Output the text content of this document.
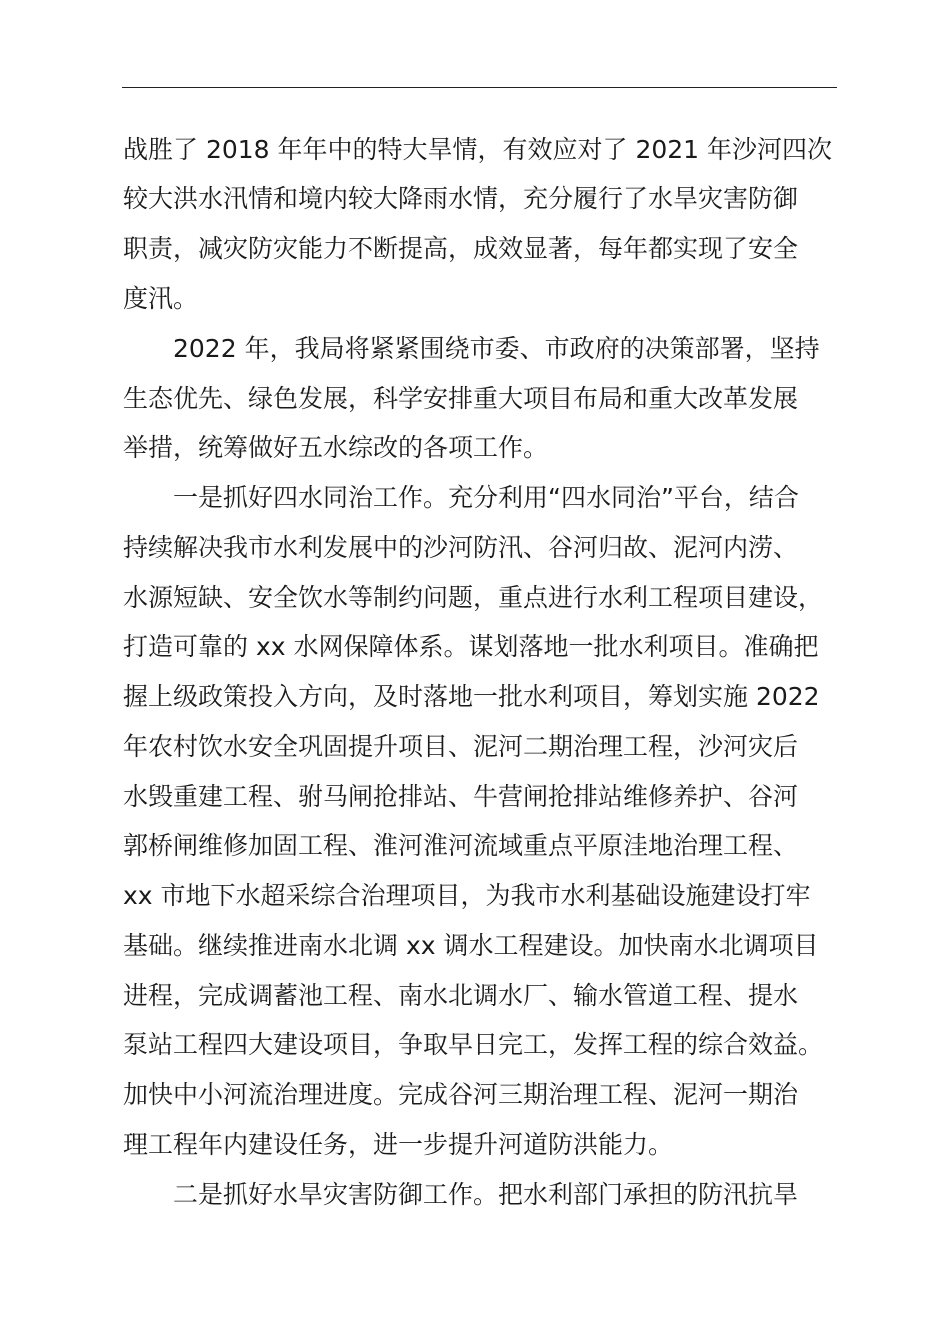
战胜了 2018 年年中的特大旱情，有效应对了 2021 年沙河四次
较大洪水汛情和境内较大降雨水情，充分履行了水旱灾害防御
职责，减灾防灾能力不断提高，成效显著，每年都实现了安全
度汛。
2022 年，我局将紧紧围绕市委、市政府的决策部署，坚持
生态优先、绿色发展，科学安排重大项目布局和重大改革发展
举措，统筹做好五水综改的各项工作。
一是抓好四水同治工作。充分利用“四水同治”平台，结合
持续解决我市水利发展中的沙河防汛、谷河归故、泥河内涝、
水源短缺、安全饮水等制约问题，重点进行水利工程项目建设，
打造可靠的 xx 水网保障体系。谋划落地一批水利项目。准确把
握上级政策投入方向，及时落地一批水利项目，筹划实施 2022
年农村饮水安全巩固提升项目、泥河二期治理工程，沙河灾后
水毁重建工程、驸马闸抢排站、牛营闸抢排站维修养护、谷河
郭桥闸维修加固工程、淮河淮河流域重点平原洼地治理工程、
xx 市地下水超采综合治理项目，为我市水利基础设施建设打牢
基础。继续推进南水北调 xx 调水工程建设。加快南水北调项目
进程，完成调蓄池工程、南水北调水厂、输水管道工程、提水
泵站工程四大建设项目，争取早日完工，发挥工程的综合效益。
加快中小河流治理进度。完成谷河三期治理工程、泥河一期治
理工程年内建设任务，进一步提升河道防洪能力。
二是抓好水旱灾害防御工作。把水利部门承担的防汛抗旱
